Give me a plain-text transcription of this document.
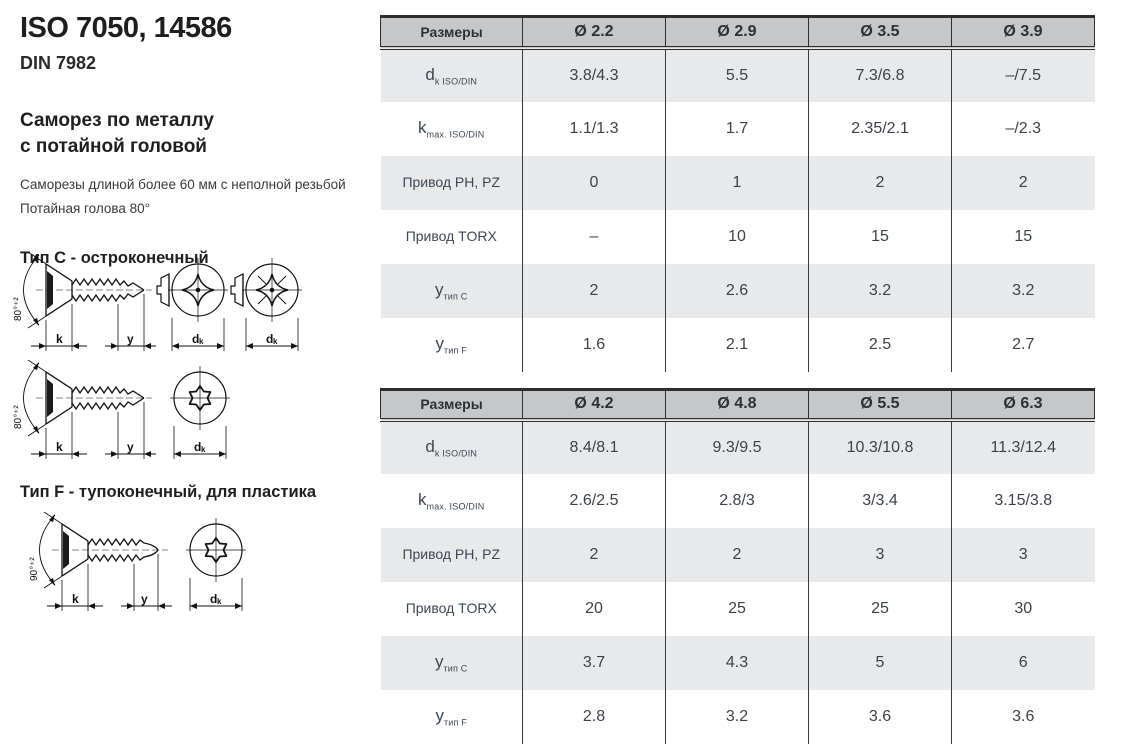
ISO 7050, 14586
DIN 7982
Саморез по металлу
с потайной головой
Саморезы длиной более 60 мм с неполной резьбой
Потайная голова 80°
Тип C - остроконечный
Тип F - тупоконечный, для пластика
Размеры	Ø 2.2	Ø 2.9	Ø 3.5	Ø 3.9
$d_{k ISO/DIN}$	3.8/4.3	5.5	7.3/6.8	–/7.5
$k_{max. ISO/DIN}$	1.1/1.3	1.7	2.35/2.1	–/2.3
Привод PH, PZ	0	1	2	2
Привод TORX	–	10	15	15
$y_{тип C}$	2	2.6	3.2	3.2
$y_{тип F}$	1.6	2.1	2.5	2.7
Размеры	Ø 4.2	Ø 4.8	Ø 5.5	Ø 6.3
$d_{k ISO/DIN}$	8.4/8.1	9.3/9.5	10.3/10.8	11.3/12.4
$k_{max. ISO/DIN}$	2.6/2.5	2.8/3	3/3.4	3.15/3.8
Привод PH, PZ	2	2	3	3
Привод TORX	20	25	25	30
$y_{тип C}$	3.7	4.3	5	6
$y_{тип F}$	2.8	3.2	3.6	3.6
